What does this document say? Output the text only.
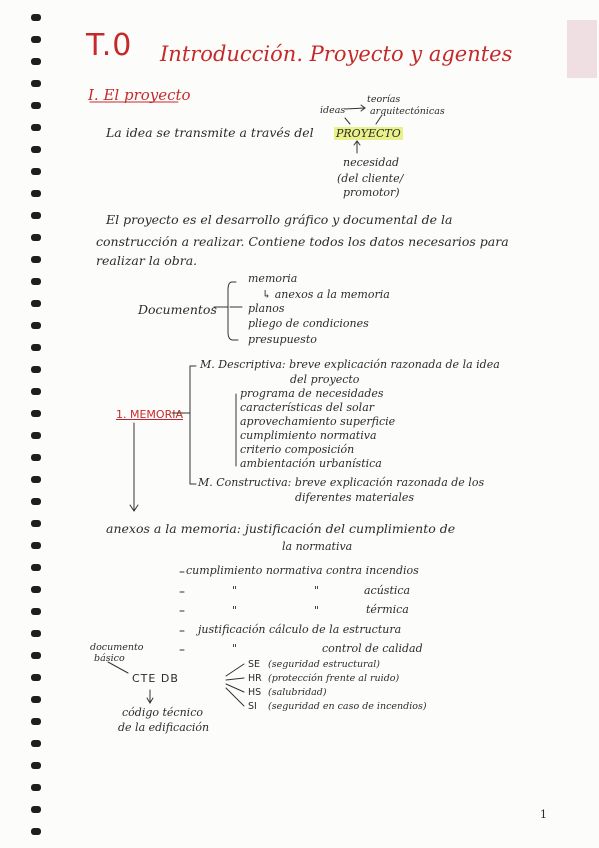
T.0 Introducción. Proyecto y agentes
I. El proyecto	teorías
ideas	arquitectónicas
La idea se transmite a través del PROYECTO
necesidad
(del cliente/
promotor)
El proyecto es el desarrollo gráfico y documental de la
construcción a realizar. Contiene todos los datos necesarios para
realizar la obra.
Documentos
memoria
↳ anexos a la memoria
planos
pliego de condiciones
presupuesto
1. MEMORIA
M. Descriptiva: breve explicación razonada de la idea
del proyecto
programa de necesidades
características del solar
aprovechamiento superficie
cumplimiento normativa
criterio composición
ambientación urbanística
M. Constructiva: breve explicación razonada de los
diferentes materiales
anexos a la memoria: justificación del cumplimiento de
la normativa
cumplimiento normativa contra incendios
"	"	acústica
"	"	térmica
justificación cálculo de la estructura
"	control de calidad
documento
básico
CTE DB
código técnico
de la edificación
SE (seguridad estructural)
HR (protección frente al ruido)
HS (salubridad)
SI (seguridad en caso de incendios)
1
